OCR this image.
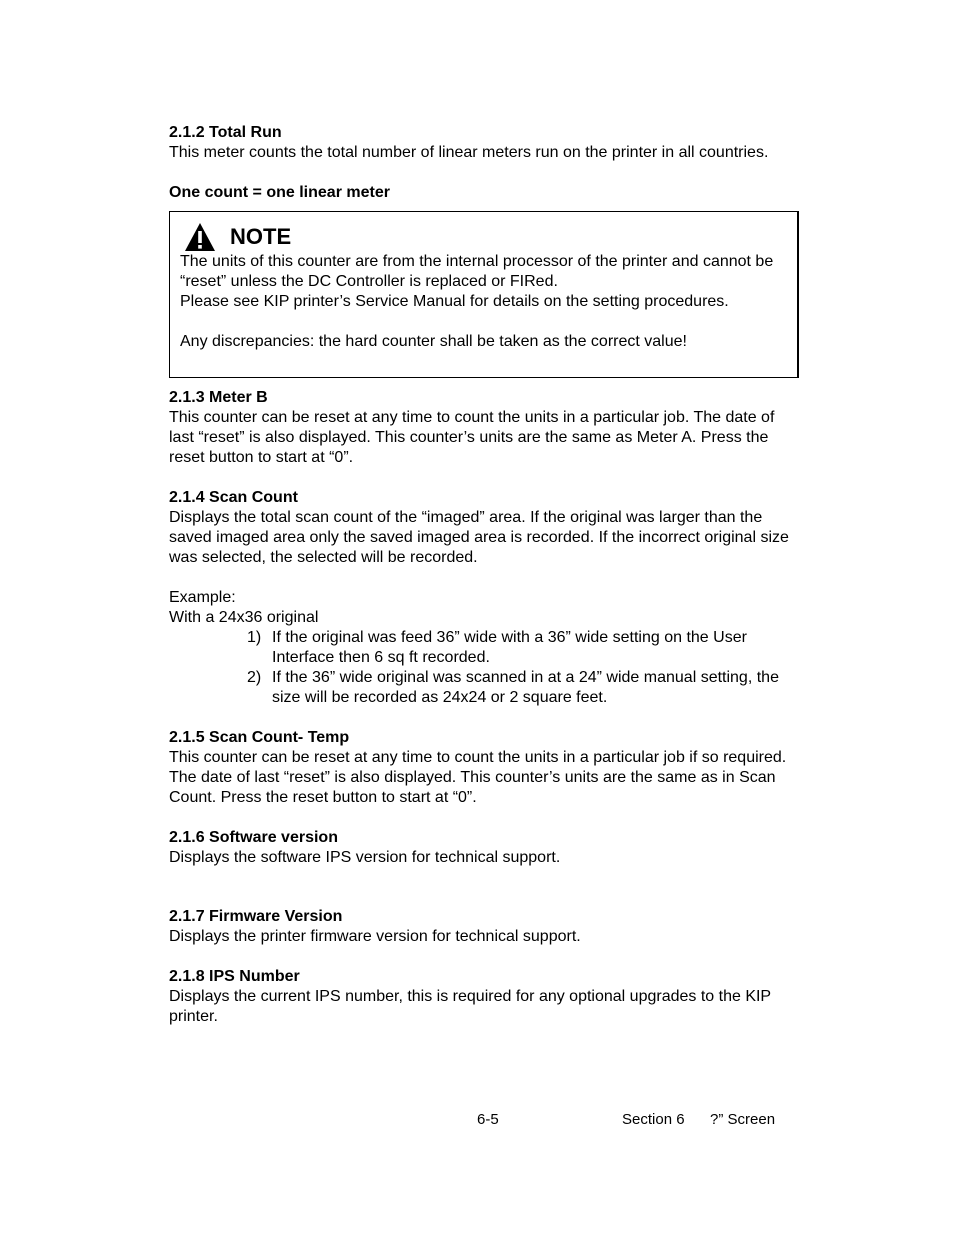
2.1.2 Total Run

This meter counts the total number of linear meters run on the printer in all countries.

One count = one linear meter

NOTE

The units of this counter are from the internal processor of the printer and cannot be “reset” unless the DC Controller is replaced or FIRed.

Please see KIP printer’s Service Manual for details on the setting procedures.

Any discrepancies: the hard counter shall be taken as the correct value!

2.1.3 Meter B

This counter can be reset at any time to count the units in a particular job. The date of last “reset” is also displayed. This counter’s units are the same as Meter A. Press the reset button to start at “0”.

2.1.4 Scan Count

Displays the total scan count of the “imaged” area. If the original was larger than the saved imaged area only the saved imaged area is recorded. If the incorrect original size was selected, the selected will be recorded.

Example:

With a 24x36 original

1) If the original was feed 36” wide with a 36” wide setting on the User Interface then 6 sq ft recorded.
2) If the 36” wide original was scanned in at a 24” wide manual setting, the size will be recorded as 24x24 or 2 square feet.

2.1.5 Scan Count- Temp

This counter can be reset at any time to count the units in a particular job if so required. The date of last “reset” is also displayed. This counter’s units are the same as in Scan Count. Press the reset button to start at “0”.

2.1.6 Software version

Displays the software IPS version for technical support.

2.1.7 Firmware Version

Displays the printer firmware version for technical support.

2.1.8 IPS Number

Displays the current IPS number, this is required for any optional upgrades to the KIP printer.

6-5	Section 6 ?” Screen
